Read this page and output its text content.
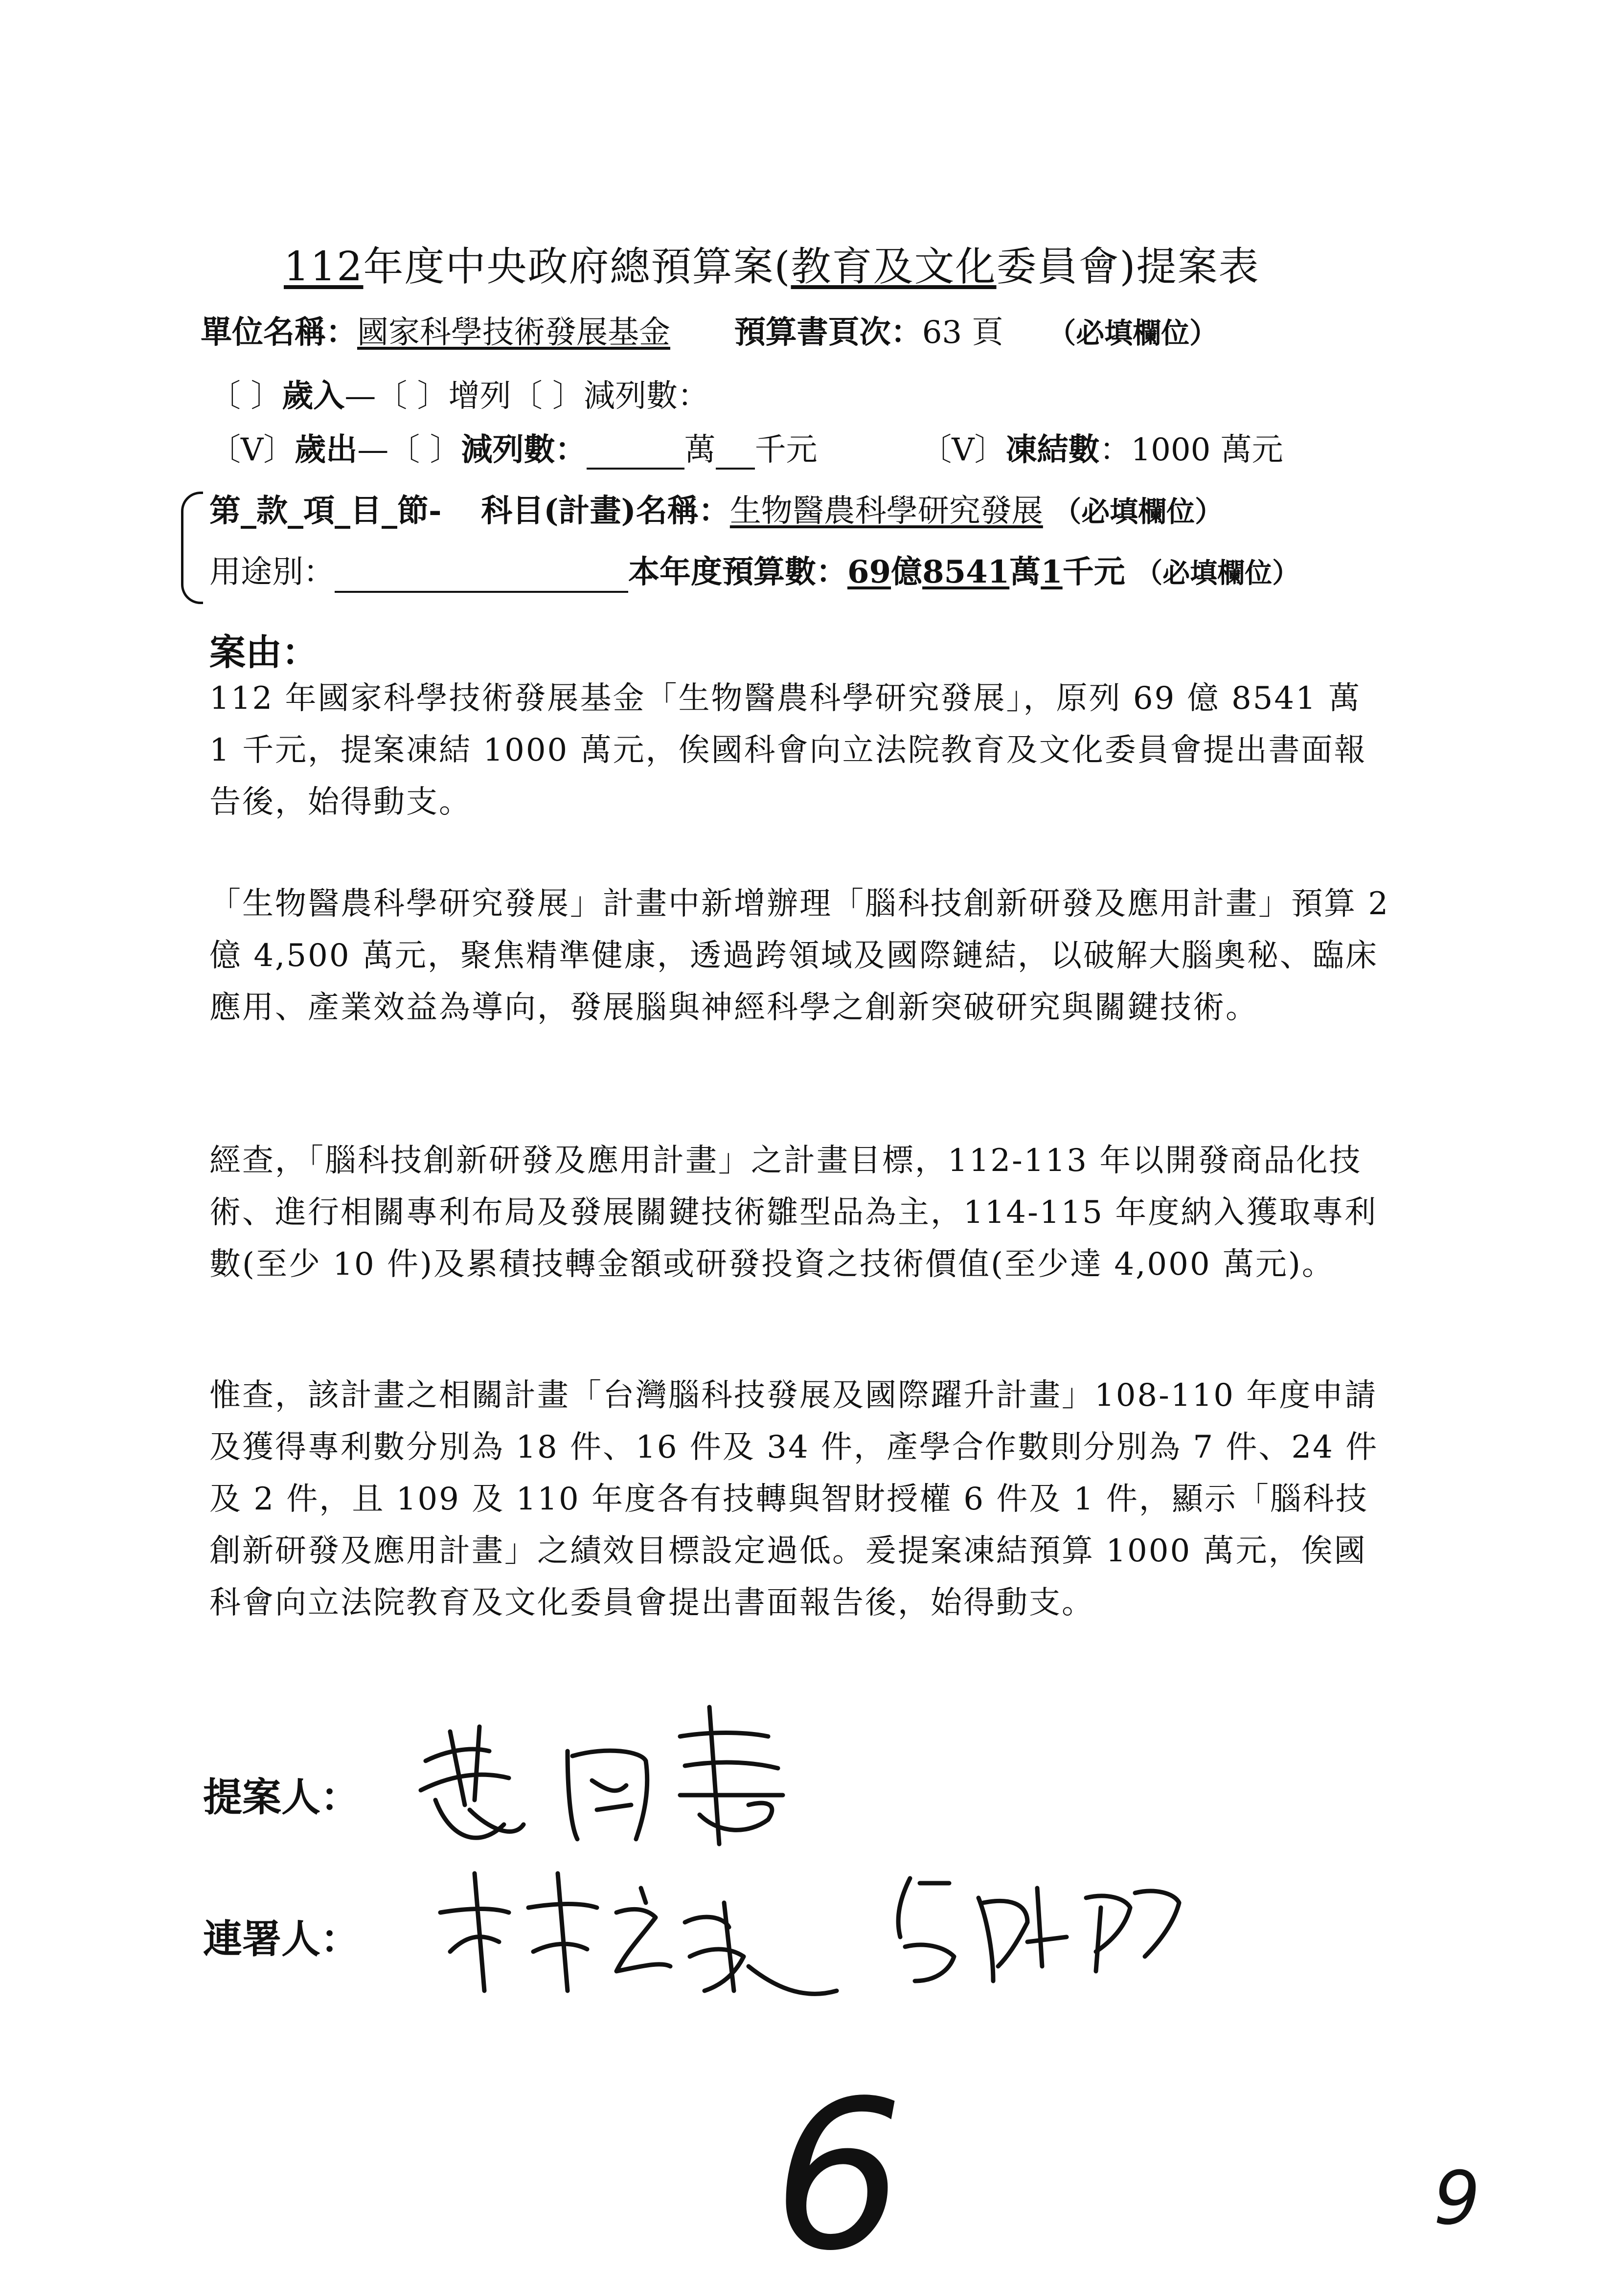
112年度中央政府總預算案(教育及文化委員會)提案表
單位名稱：國家科學技術發展基金 預算書頁次：63 頁 （必填欄位）
〔 〕歲入—〔 〕增列〔 〕減列數：
〔V〕歲出—〔 〕減列數：	萬 千元	〔V〕凍結數：1000 萬元
第_款_項_目_節- 科目(計畫)名稱：生物醫農科學研究發展 （必填欄位）
用途別：	本年度預算數：69億8541萬1千元 （必填欄位）
案由：
112 年國家科學技術發展基金「生物醫農科學研究發展」，原列 69 億 8541 萬 1 千元，提案凍結 1000 萬元，俟國科會向立法院教育及文化委員會提出書面報告後，始得動支。
「生物醫農科學研究發展」計畫中新增辦理「腦科技創新研發及應用計畫」預算 2 億 4,500 萬元，聚焦精準健康，透過跨領域及國際鏈結，以破解大腦奧秘、臨床應用、產業效益為導向，發展腦與神經科學之創新突破研究與關鍵技術。
經查，「腦科技創新研發及應用計畫」之計畫目標，112-113 年以開發商品化技術、進行相關專利布局及發展關鍵技術雛型品為主，114-115 年度納入獲取專利數(至少 10 件)及累積技轉金額或研發投資之技術價值(至少達 4,000 萬元)。
惟查，該計畫之相關計畫「台灣腦科技發展及國際躍升計畫」108-110 年度申請及獲得專利數分別為 18 件、16 件及 34 件，產學合作數則分別為 7 件、24 件及 2 件，且 109 及 110 年度各有技轉與智財授權 6 件及 1 件，顯示「腦科技創新研發及應用計畫」之績效目標設定過低。爰提案凍結預算 1000 萬元，俟國科會向立法院教育及文化委員會提出書面報告後，始得動支。
提案人：
連署人：
6	9
